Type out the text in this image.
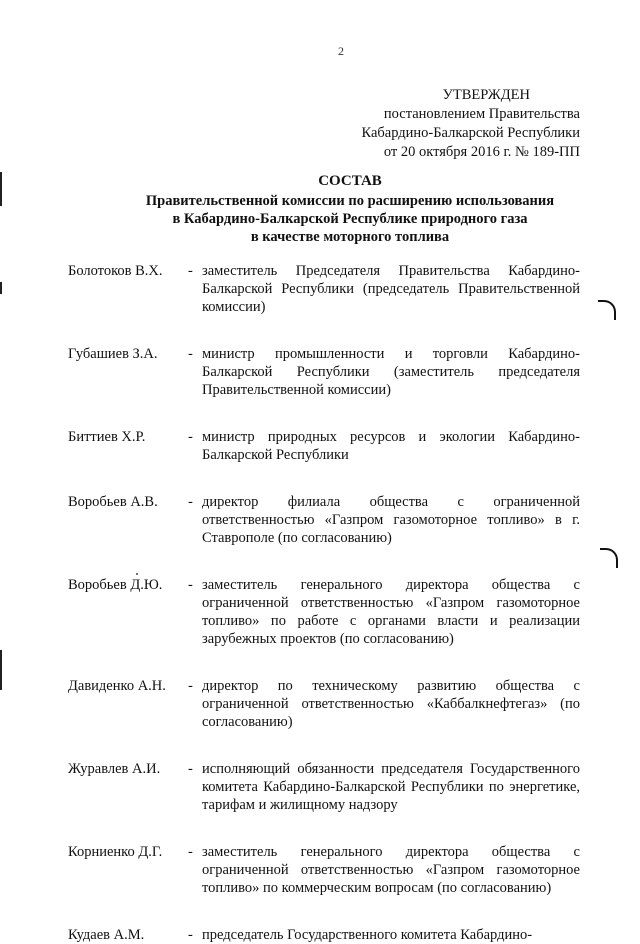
2
УТВЕРЖДЕН
постановлением Правительства
Кабардино-Балкарской Республики
от 20 октября 2016 г. № 189-ПП
СОСТАВ
Правительственной комиссии по расширению использования
в Кабардино-Балкарской Республике природного газа
в качестве моторного топлива
Болотоков В.Х.	- заместитель Председателя Правительства Кабардино-Балкарской Республики (председатель Правительственной комиссии)
Губашиев З.А.	- министр промышленности и торговли Кабардино-Балкарской Республики (заместитель председателя Правительственной комиссии)
Биттиев Х.Р.	- министр природных ресурсов и экологии Кабардино-Балкарской Республики
Воробьев А.В.	- директор филиала общества с ограниченной ответственностью «Газпром газомоторное топливо» в г. Ставрополе (по согласованию)
Воробьев Д.Ю.	- заместитель генерального директора общества с ограниченной ответственностью «Газпром газомоторное топливо» по работе с органами власти и реализации зарубежных проектов (по согласованию)
Давиденко А.Н.	- директор по техническому развитию общества с ограниченной ответственностью «Каббалкнефтегаз» (по согласованию)
Журавлев А.И.	- исполняющий обязанности председателя Государственного комитета Кабардино-Балкарской Республики по энергетике, тарифам и жилищному надзору
Корниенко Д.Г.	- заместитель генерального директора общества с ограниченной ответственностью «Газпром газомоторное топливо» по коммерческим вопросам (по согласованию)
Кудаев А.М.	- председатель Государственного комитета Кабардино-
